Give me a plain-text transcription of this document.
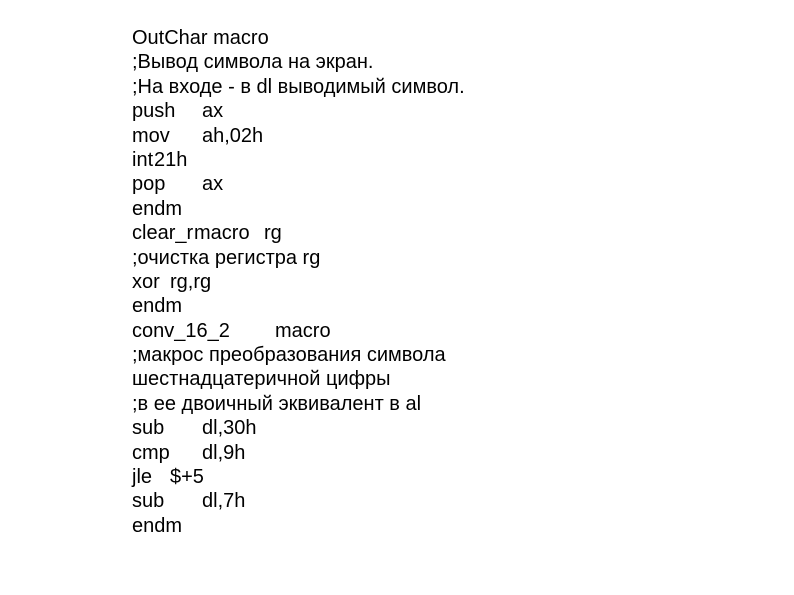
OutChar macro
;Вывод символа на экран.
;На входе - в dl выводимый символ.
push	ax
mov	ah,02h
int 21h
pop	ax
endm
clear_r macro rg
;очистка регистра rg
xor rg,rg
endm
conv_16_2	macro
;макрос преобразования символа
шестнадцатеричной цифры
;в ее двоичный эквивалент в al
sub	dl,30h
cmp	dl,9h
jle $+5
sub	dl,7h
endm
